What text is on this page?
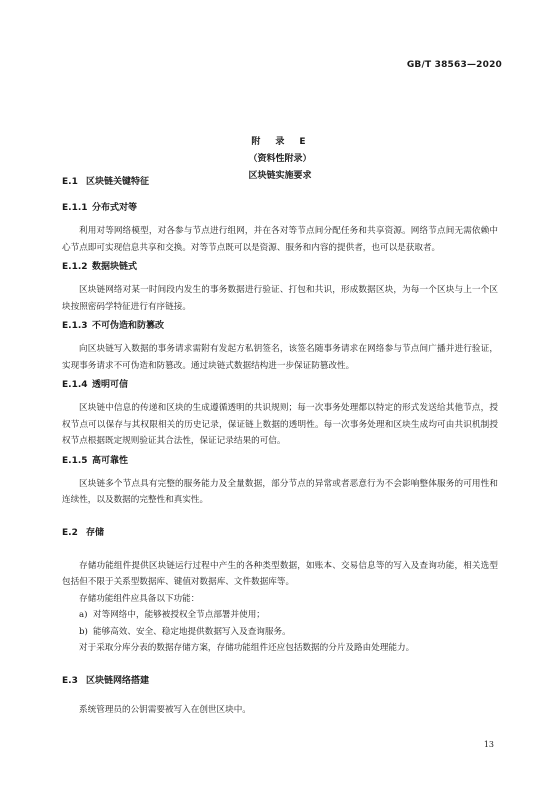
GB/T 38563—2020
附　录　E
（资料性附录）
区块链实施要求
E.1 区块链关键特征
E.1.1 分布式对等

利用对等网络模型，对各参与节点进行组网，并在各对等节点间分配任务和共享资源。网络节点间无需依赖中心节点即可实现信息共享和交换。对等节点既可以是资源、服务和内容的提供者，也可以是获取者。

E.1.2 数据块链式

区块链网络对某一时间段内发生的事务数据进行验证、打包和共识，形成数据区块，为每一个区块与上一个区块按照密码学特征进行有序链接。

E.1.3 不可伪造和防篡改

向区块链写入数据的事务请求需附有发起方私钥签名，该签名随事务请求在网络参与节点间广播并进行验证，实现事务请求不可伪造和防篡改。通过块链式数据结构进一步保证防篡改性。

E.1.4 透明可信

区块链中信息的传递和区块的生成遵循透明的共识规则；每一次事务处理都以特定的形式发送给其他节点，授权节点可以保存与其权限相关的历史记录，保证链上数据的透明性。每一次事务处理和区块生成均可由共识机制授权节点根据既定规则验证其合法性，保证记录结果的可信。

E.1.5 高可靠性

区块链多个节点具有完整的服务能力及全量数据，部分节点的异常或者恶意行为不会影响整体服务的可用性和连续性，以及数据的完整性和真实性。

E.2 存储

存储功能组件提供区块链运行过程中产生的各种类型数据，如账本、交易信息等的写入及查询功能，相关选型包括但不限于关系型数据库、键值对数据库、文件数据库等。

存储功能组件应具备以下功能：

a) 对等网络中，能够被授权全节点部署并使用；
b) 能够高效、安全、稳定地提供数据写入及查询服务。

对于采取分库分表的数据存储方案，存储功能组件还应包括数据的分片及路由处理能力。

E.3 区块链网络搭建

系统管理员的公钥需要被写入在创世区块中。

13
